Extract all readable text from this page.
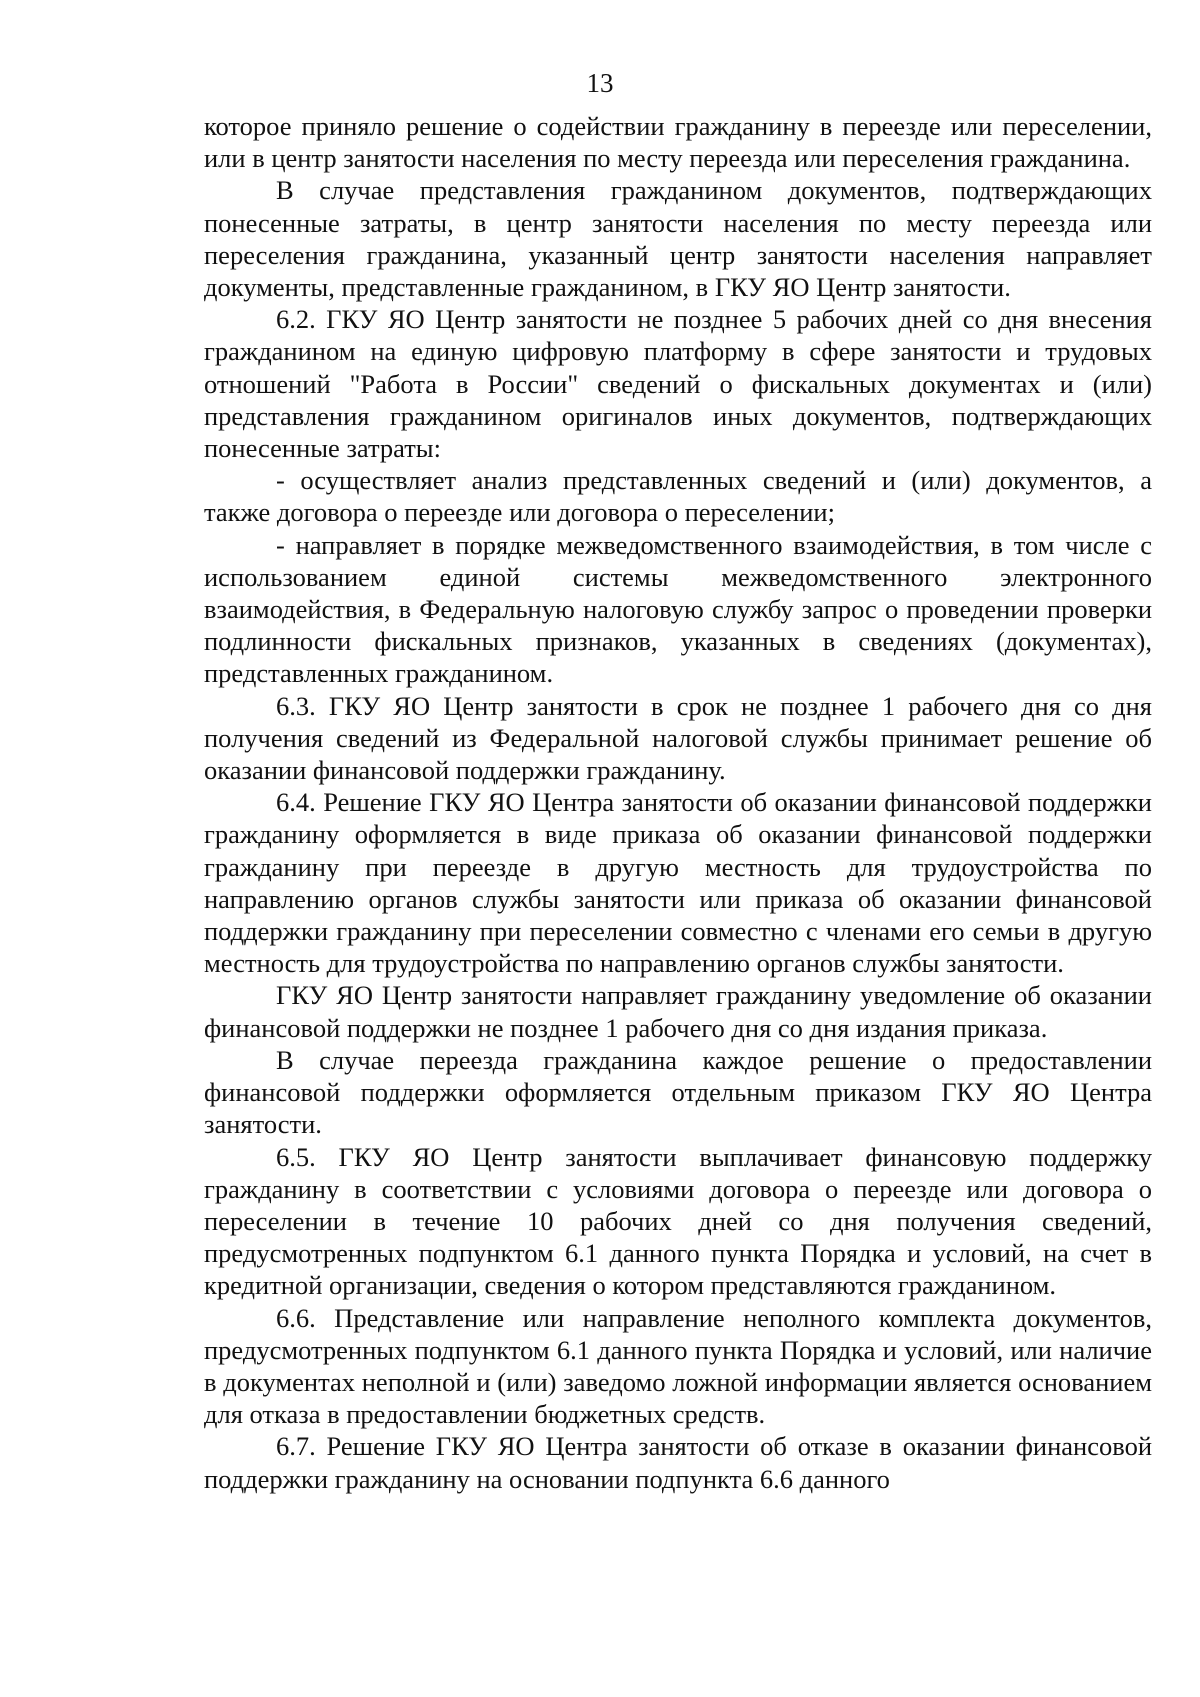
13

которое приняло решение о содействии гражданину в переезде или переселении, или в центр занятости населения по месту переезда или переселения гражданина.

В случае представления гражданином документов, подтверждающих понесенные затраты, в центр занятости населения по месту переезда или переселения гражданина, указанный центр занятости населения направляет документы, представленные гражданином, в ГКУ ЯО Центр занятости.

6.2. ГКУ ЯО Центр занятости не позднее 5 рабочих дней со дня внесения гражданином на единую цифровую платформу в сфере занятости и трудовых отношений "Работа в России" сведений о фискальных документах и (или) представления гражданином оригиналов иных документов, подтверждающих понесенные затраты:

- осуществляет анализ представленных сведений и (или) документов, а также договора о переезде или договора о переселении;

- направляет в порядке межведомственного взаимодействия, в том числе с использованием единой системы межведомственного электронного взаимодействия, в Федеральную налоговую службу запрос о проведении проверки подлинности фискальных признаков, указанных в сведениях (документах), представленных гражданином.

6.3. ГКУ ЯО Центр занятости в срок не позднее 1 рабочего дня со дня получения сведений из Федеральной налоговой службы принимает решение об оказании финансовой поддержки гражданину.

6.4. Решение ГКУ ЯО Центра занятости об оказании финансовой поддержки гражданину оформляется в виде приказа об оказании финансовой поддержки гражданину при переезде в другую местность для трудоустройства по направлению органов службы занятости или приказа об оказании финансовой поддержки гражданину при переселении совместно с членами его семьи в другую местность для трудоустройства по направлению органов службы занятости.

ГКУ ЯО Центр занятости направляет гражданину уведомление об оказании финансовой поддержки не позднее 1 рабочего дня со дня издания приказа.

В случае переезда гражданина каждое решение о предоставлении финансовой поддержки оформляется отдельным приказом ГКУ ЯО Центра занятости.

6.5. ГКУ ЯО Центр занятости выплачивает финансовую поддержку гражданину в соответствии с условиями договора о переезде или договора о переселении в течение 10 рабочих дней со дня получения сведений, предусмотренных подпунктом 6.1 данного пункта Порядка и условий, на счет в кредитной организации, сведения о котором представляются гражданином.

6.6. Представление или направление неполного комплекта документов, предусмотренных подпунктом 6.1 данного пункта Порядка и условий, или наличие в документах неполной и (или) заведомо ложной информации является основанием для отказа в предоставлении бюджетных средств.

6.7. Решение ГКУ ЯО Центра занятости об отказе в оказании финансовой поддержки гражданину на основании подпункта 6.6 данного
